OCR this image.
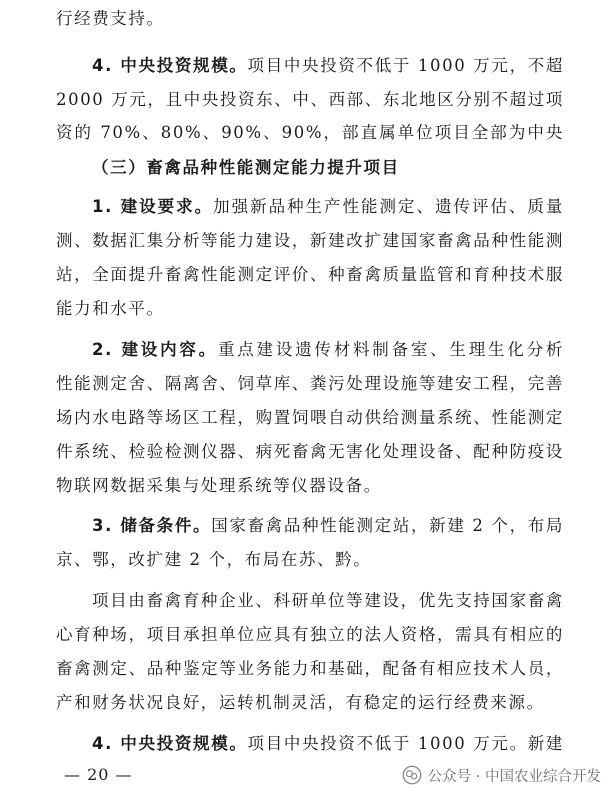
行经费支持。
4. 中央投资规模。项目中央投资不低于 1000 万元，不超
2000 万元，且中央投资东、中、西部、东北地区分别不超过项
资的 70%、80%、90%、90%，部直属单位项目全部为中央
（三）畜禽品种性能测定能力提升项目
1. 建设要求。加强新品种生产性能测定、遗传评估、质量
测、数据汇集分析等能力建设，新建改扩建国家畜禽品种性能测
站，全面提升畜禽性能测定评价、种畜禽质量监管和育种技术服
能力和水平。
2. 建设内容。重点建设遗传材料制备室、生理生化分析
性能测定舍、隔离舍、饲草库、粪污处理设施等建安工程，完善
场内水电路等场区工程，购置饲喂自动供给测量系统、性能测定
件系统、检验检测仪器、病死畜禽无害化处理设备、配种防疫设
物联网数据采集与处理系统等仪器设备。
3. 储备条件。国家畜禽品种性能测定站，新建 2 个，布局
京、鄂，改扩建 2 个，布局在苏、黔。
项目由畜禽育种企业、科研单位等建设，优先支持国家畜禽
心育种场，项目承担单位应具有独立的法人资格，需具有相应的
畜禽测定、品种鉴定等业务能力和基础，配备有相应技术人员，
产和财务状况良好，运转机制灵活，有稳定的运行经费来源。
4. 中央投资规模。项目中央投资不低于 1000 万元。新建
— 20 —	公众号 · 中国农业综合开发
